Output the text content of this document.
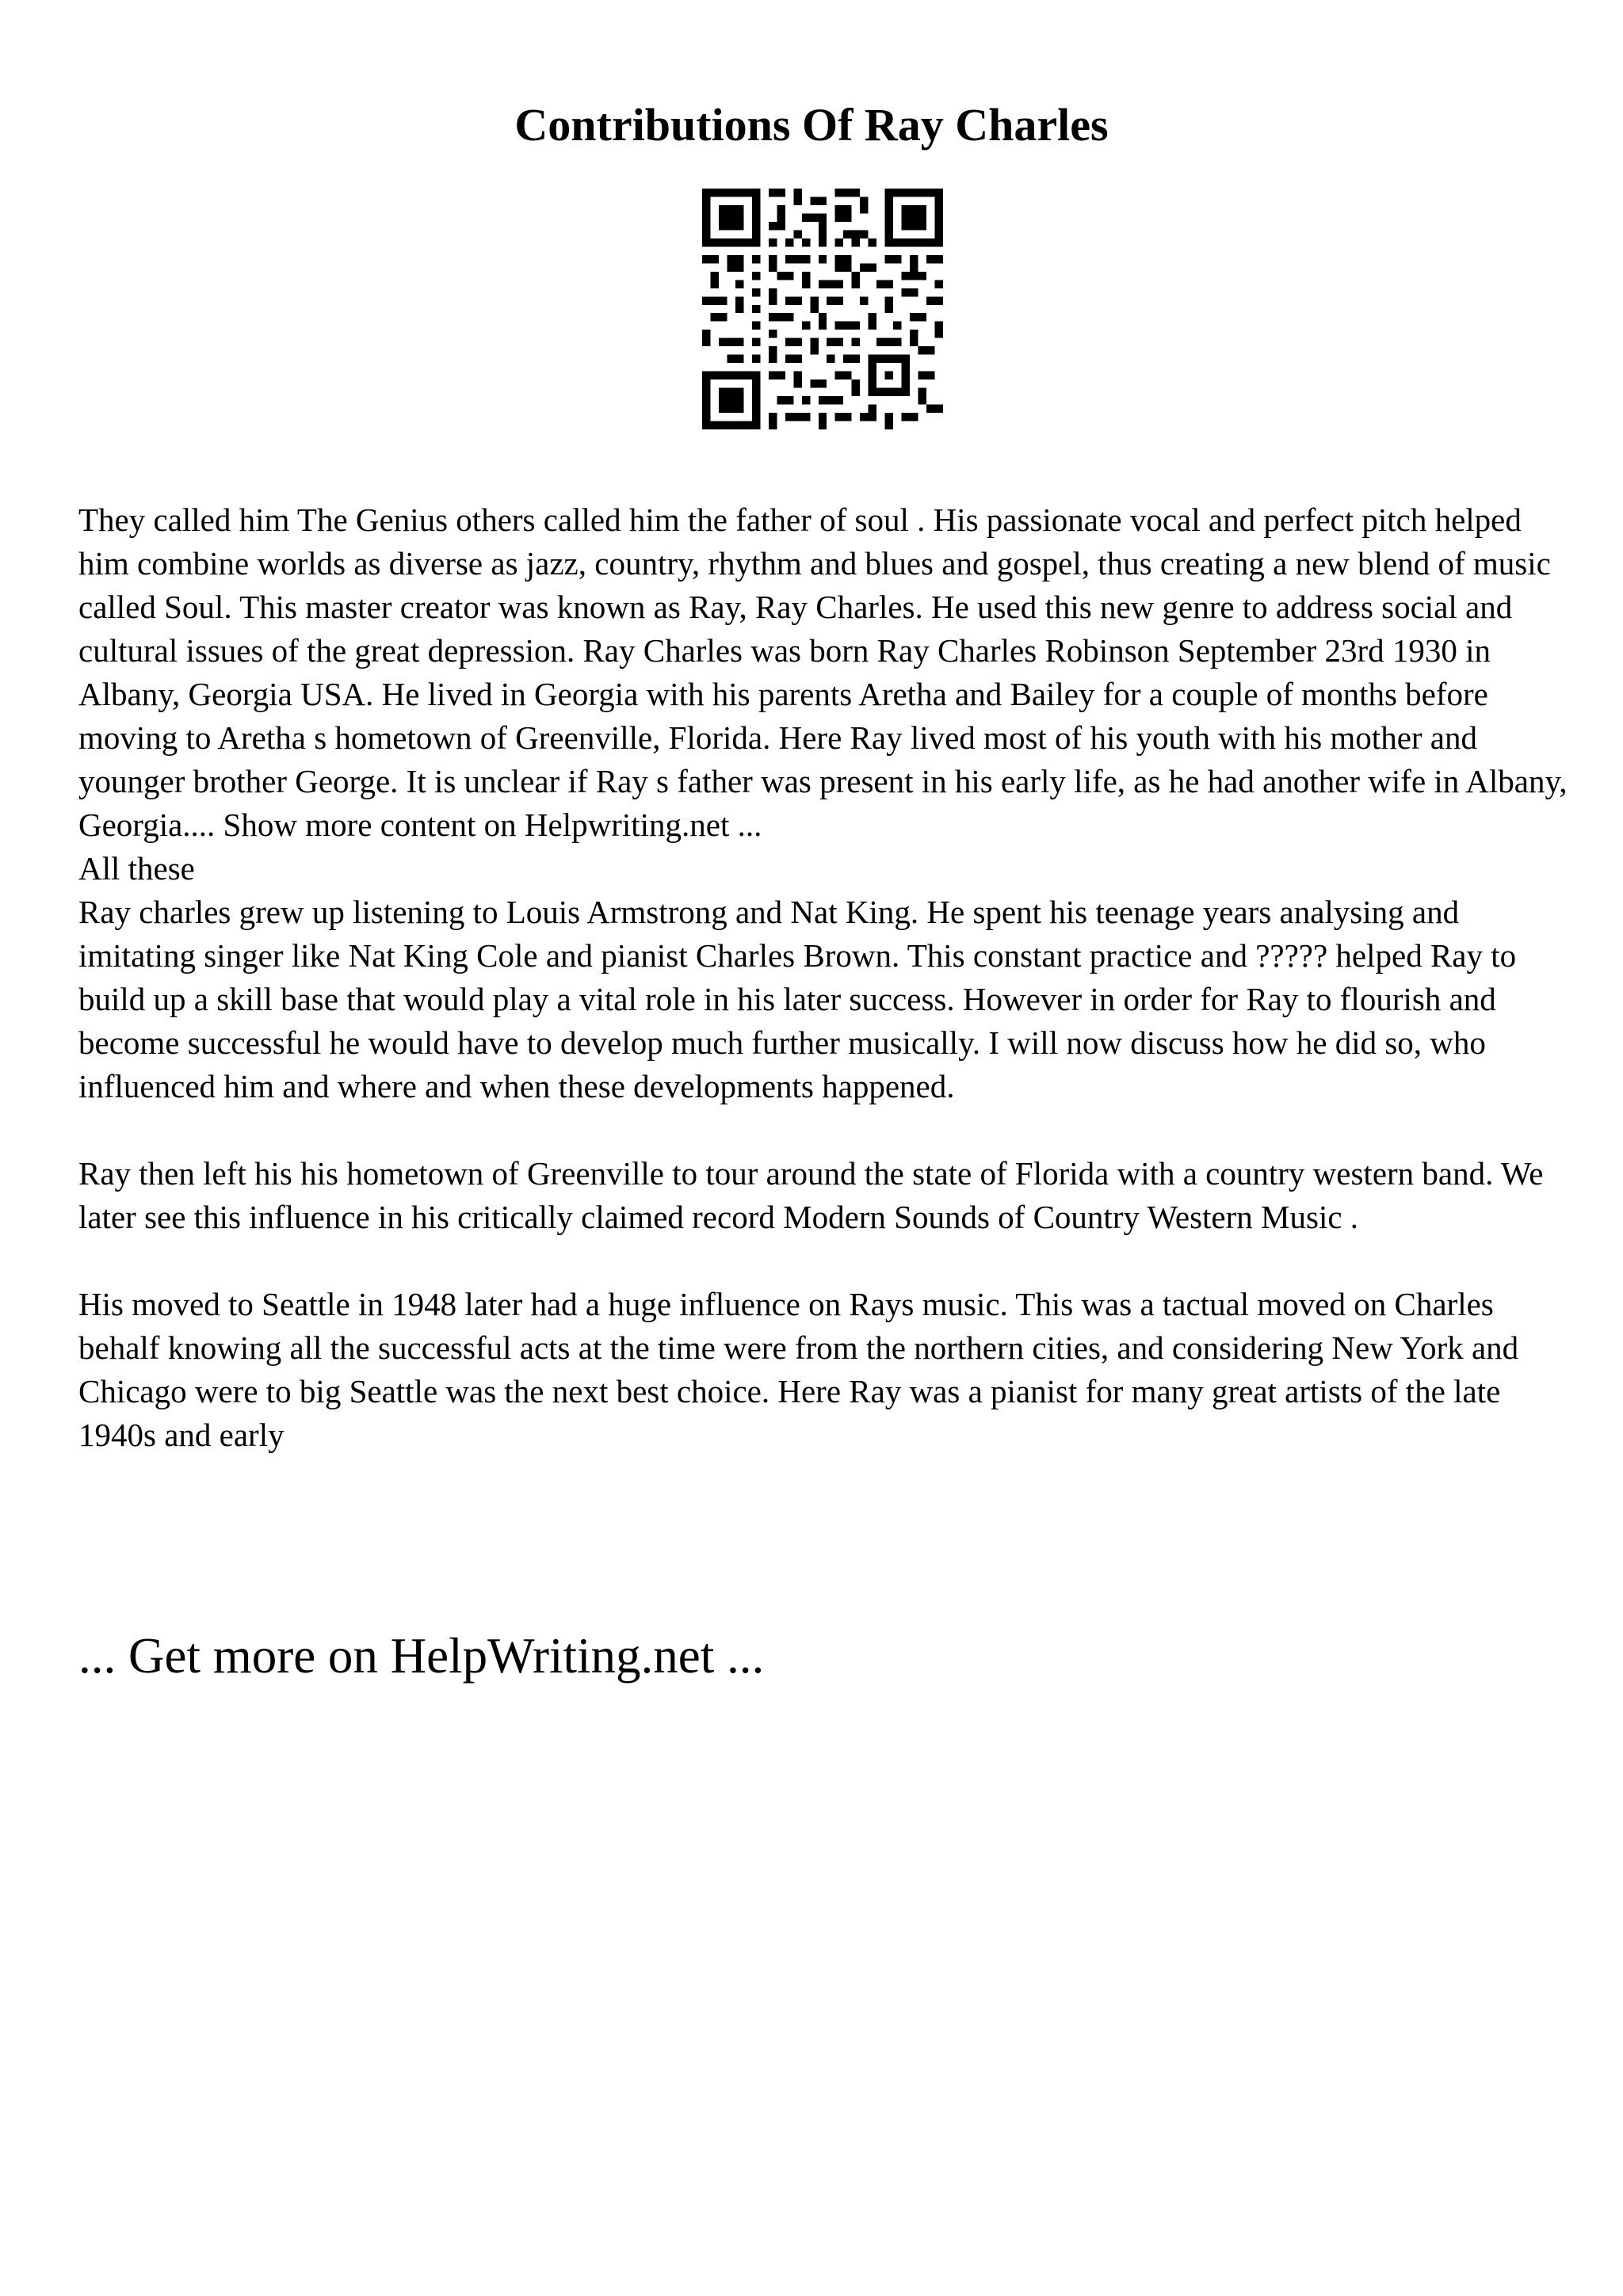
Contributions Of Ray Charles

They called him The Genius others called him the father of soul . His passionate vocal and perfect pitch helped him combine worlds as diverse as jazz, country, rhythm and blues and gospel, thus creating a new blend of music called Soul. This master creator was known as Ray, Ray Charles. He used this new genre to address social and cultural issues of the great depression. Ray Charles was born Ray Charles Robinson September 23rd 1930 in Albany, Georgia USA. He lived in Georgia with his parents Aretha and Bailey for a couple of months before moving to Aretha s hometown of Greenville, Florida. Here Ray lived most of his youth with his mother and younger brother George. It is unclear if Ray s father was present in his early life, as he had another wife in Albany, Georgia.... Show more content on Helpwriting.net ...

All these

Ray charles grew up listening to Louis Armstrong and Nat King. He spent his teenage years analysing and imitating singer like Nat King Cole and pianist Charles Brown. This constant practice and ????? helped Ray to build up a skill base that would play a vital role in his later success. However in order for Ray to flourish and become successful he would have to develop much further musically. I will now discuss how he did so, who influenced him and where and when these developments happened.

Ray then left his his hometown of Greenville to tour around the state of Florida with a country western band. We later see this influence in his critically claimed record Modern Sounds of Country Western Music .

His moved to Seattle in 1948 later had a huge influence on Rays music. This was a tactual moved on Charles behalf knowing all the successful acts at the time were from the northern cities, and considering New York and Chicago were to big Seattle was the next best choice. Here Ray was a pianist for many great artists of the late 1940s and early

... Get more on HelpWriting.net ...
